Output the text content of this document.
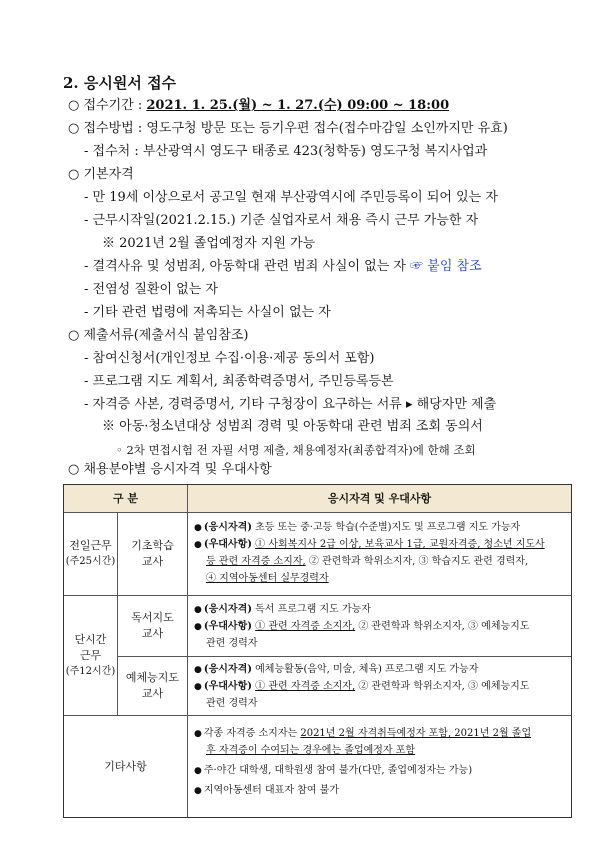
2. 응시원서 접수
○ 접수기간 : 2021. 1. 25.(월) ~ 1. 27.(수) 09:00 ~ 18:00
○ 접수방법 : 영도구청 방문 또는 등기우편 접수(접수마감일 소인까지만 유효)
- 접수처 : 부산광역시 영도구 태종로 423(청학동) 영도구청 복지사업과
○ 기본자격
- 만 19세 이상으로서 공고일 현재 부산광역시에 주민등록이 되어 있는 자
- 근무시작일(2021.2.15.) 기준 실업자로서 채용 즉시 근무 가능한 자
※ 2021년 2월 졸업예정자 지원 가능
- 결격사유 및 성범죄, 아동학대 관련 범죄 사실이 없는 자 ☞ 붙임 참조
- 전염성 질환이 없는 자
- 기타 관련 법령에 저촉되는 사실이 없는 자
○ 제출서류(제출서식 붙임참조)
- 참여신청서(개인정보 수집·이용·제공 동의서 포함)
- 프로그램 지도 계획서, 최종학력증명서, 주민등록등본
- 자격증 사본, 경력증명서, 기타 구청장이 요구하는 서류 ▸ 해당자만 제출
※ 아동·청소년대상 성범죄 경력 및 아동학대 관련 범죄 조회 동의서
◦ 2차 면접시험 전 자필 서명 제출, 채용예정자(최종합격자)에 한해 조회
○ 채용분야별 응시자격 및 우대사항
구 분	응시자격 및 우대사항
전일근무
(주25시간)
기초학습
교사
● (응시자격) 초등 또는 중·고등 학습(수준별)지도 및 프로그램 지도 가능자
● (우대사항) ① 사회복지사 2급 이상, 보육교사 1급, 교원자격증, 청소년 지도사
등 관련 자격증 소지자, ② 관련학과 학위소지자, ③ 학습지도 관련 경력자,
④ 지역아동센터 실무경력자
단시간
근무
(주12시간)
독서지도
교사
● (응시자격) 독서 프로그램 지도 가능자
● (우대사항) ① 관련 자격증 소지자, ② 관련학과 학위소지자, ③ 예체능지도
관련 경력자
예체능지도
교사
● (응시자격) 예체능활동(음악, 미술, 체육) 프로그램 지도 가능자
● (우대사항) ① 관련 자격증 소지자, ② 관련학과 학위소지자, ③ 예체능지도
관련 경력자
기타사항
● 각종 자격증 소지자는 2021년 2월 자격취득예정자 포함, 2021년 2월 졸업
후 자격증이 수여되는 경우에는 졸업예정자 포함
● 주·야간 대학생, 대학원생 참여 불가(다만, 졸업예정자는 가능)
● 지역아동센터 대표자 참여 불가
